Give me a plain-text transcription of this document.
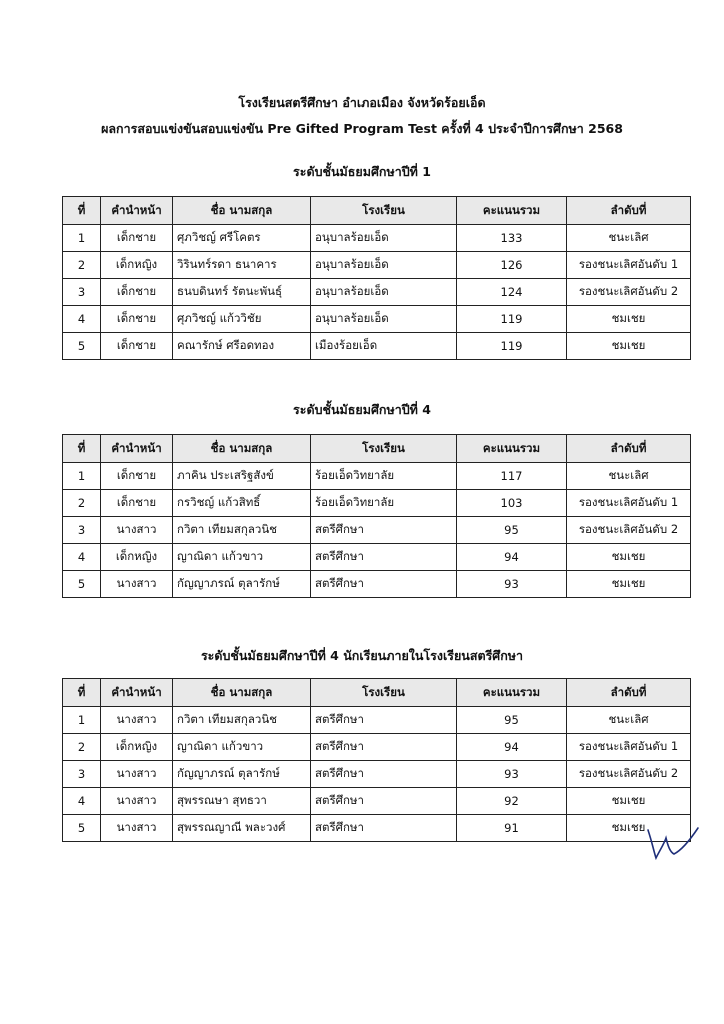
โรงเรียนสตรีศึกษา อำเภอเมือง จังหวัดร้อยเอ็ด
ผลการสอบแข่งขันสอบแข่งขัน Pre Gifted Program Test ครั้งที่ 4 ประจำปีการศึกษา 2568
ระดับชั้นมัธยมศึกษาปีที่ 1
ที่	คำนำหน้า	ชื่อ นามสกุล	โรงเรียน	คะแนนรวม	ลำดับที่
1	เด็กชาย	ศุภวิชญ์ ศรีโคตร	อนุบาลร้อยเอ็ด	133	ชนะเลิศ
2	เด็กหญิง	วิรินทร์รดา ธนาคาร	อนุบาลร้อยเอ็ด	126	รองชนะเลิศอันดับ 1
3	เด็กชาย	ธนบดินทร์ รัตนะพันธุ์	อนุบาลร้อยเอ็ด	124	รองชนะเลิศอันดับ 2
4	เด็กชาย	ศุภวิชญ์ แก้ววิชัย	อนุบาลร้อยเอ็ด	119	ชมเชย
5	เด็กชาย	คณารักษ์ ศรีอดทอง	เมืองร้อยเอ็ด	119	ชมเชย
ระดับชั้นมัธยมศึกษาปีที่ 4
ที่	คำนำหน้า	ชื่อ นามสกุล	โรงเรียน	คะแนนรวม	ลำดับที่
1	เด็กชาย	ภาคิน ประเสริฐสังข์	ร้อยเอ็ดวิทยาลัย	117	ชนะเลิศ
2	เด็กชาย	กรวิชญ์ แก้วสิทธิ์	ร้อยเอ็ดวิทยาลัย	103	รองชนะเลิศอันดับ 1
3	นางสาว	กวิตา เทียมสกุลวนิช	สตรีศึกษา	95	รองชนะเลิศอันดับ 2
4	เด็กหญิง	ญาณิดา แก้วขาว	สตรีศึกษา	94	ชมเชย
5	นางสาว	กัญญาภรณ์ ตุลารักษ์	สตรีศึกษา	93	ชมเชย
ระดับชั้นมัธยมศึกษาปีที่ 4 นักเรียนภายในโรงเรียนสตรีศึกษา
ที่	คำนำหน้า	ชื่อ นามสกุล	โรงเรียน	คะแนนรวม	ลำดับที่
1	นางสาว	กวิตา เทียมสกุลวนิช	สตรีศึกษา	95	ชนะเลิศ
2	เด็กหญิง	ญาณิดา แก้วขาว	สตรีศึกษา	94	รองชนะเลิศอันดับ 1
3	นางสาว	กัญญาภรณ์ ตุลารักษ์	สตรีศึกษา	93	รองชนะเลิศอันดับ 2
4	นางสาว	สุพรรณษา สุทธวา	สตรีศึกษา	92	ชมเชย
5	นางสาว	สุพรรณญาณี พละวงศ์	สตรีศึกษา	91	ชมเชย
